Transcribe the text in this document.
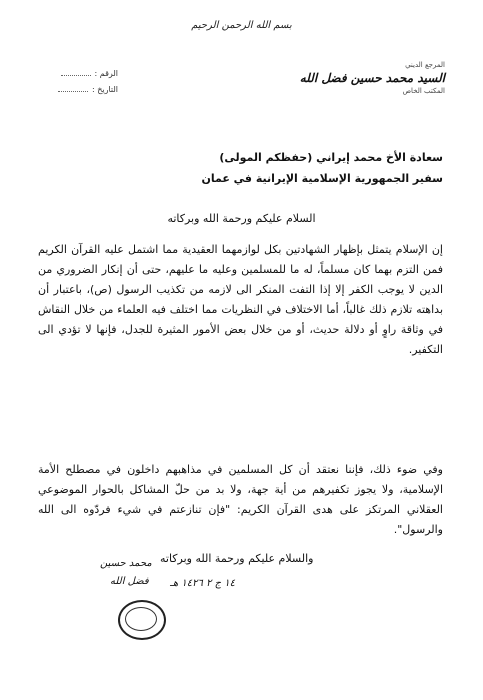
بسم الله الرحمن الرحيم
الرقم :
التاريخ :
المرجع الديني
السيد محمد حسين فضل الله
المكتب الخاص
سعادة الأخ محمد إيراني (حفظكم المولى)
سفير الجمهورية الإسلامية الإيرانية في عمان
السلام عليكم ورحمة الله وبركاته
إن الإسلام يتمثل بإظهار الشهادتين بكل لوازمهما العقيدية مما اشتمل عليه القرآن الكريم فمن التزم بهما كان مسلماً، له ما للمسلمين وعليه ما عليهم، حتى أن إنكار الضروري من الدين لا يوجب الكفر إلا إذا التفت المنكر الى لازمه من تكذيب الرسول (ص)، باعتبار أن بداهته تلازم ذلك غالباً، أما الاختلاف في النظريات مما اختلف فيه العلماء من خلال النقاش في وثاقة راوٍ أو دلالة حديث، أو من خلال بعض الأمور المثيرة للجدل، فإنها لا تؤدي الى التكفير.
وفي ضوء ذلك، فإننا نعتقد أن كل المسلمين في مذاهبهم داخلون في مصطلح الأمة الإسلامية، ولا يجوز تكفيرهم من أية جهة، ولا بد من حلّ المشاكل بالحوار الموضوعي العقلاني المرتكز على هدى القرآن الكريم: "فإن تنازعتم في شيء فردّوه الى الله والرسول".
والسلام عليكم ورحمة الله وبركاته
١٤ ج ٢ ١٤٢٦ هـ
محمد حسين
فضل الله
